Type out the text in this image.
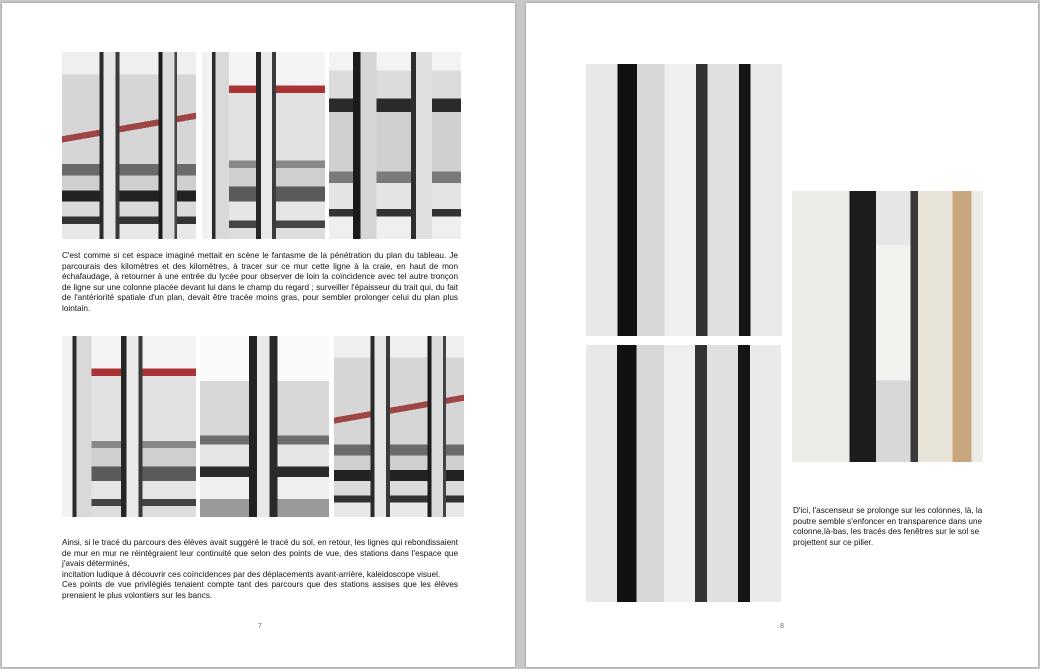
C'est comme si cet espace imaginé mettait en scène le fantasme de la pénétration du plan du tableau. Je parcourais des kilomètres et des kilomètres, à tracer sur ce mur cette ligne à la craie, en haut de mon échafaudage, à retourner à une entrée du lycée pour observer de loin la coïncidence avec tel autre tronçon de ligne sur une colonne placée devant lui dans le champ du regard ; surveiller l'épaisseur du trait qui, du fait de l'antériorité spatiale d'un plan, devait être tracée moins gras, pour sembler prolonger celui du plan plus lointain.

Ainsi, si le tracé du parcours des élèves avait suggéré le tracé du sol, en retour, les lignes qui rebondissaient de mur en mur ne réintégraient leur continuité que selon des points de vue, des stations dans l'espace que j'avais déterminés,

incitation ludique à découvrir ces coïncidences par des déplacements avant-arrière, kaleidoscope visuel.

Ces points de vue privilégiés tenaient compte tant des parcours que des stations assises que les élèves prenaient le plus volontiers sur les bancs.

7

D'ici, l'ascenseur se prolonge sur les colonnes, là, la poutre semble s'enfoncer en transparence dans une colonne,là-bas, les tracés des fenêtres sur le sol se projettent sur ce pilier.

8
